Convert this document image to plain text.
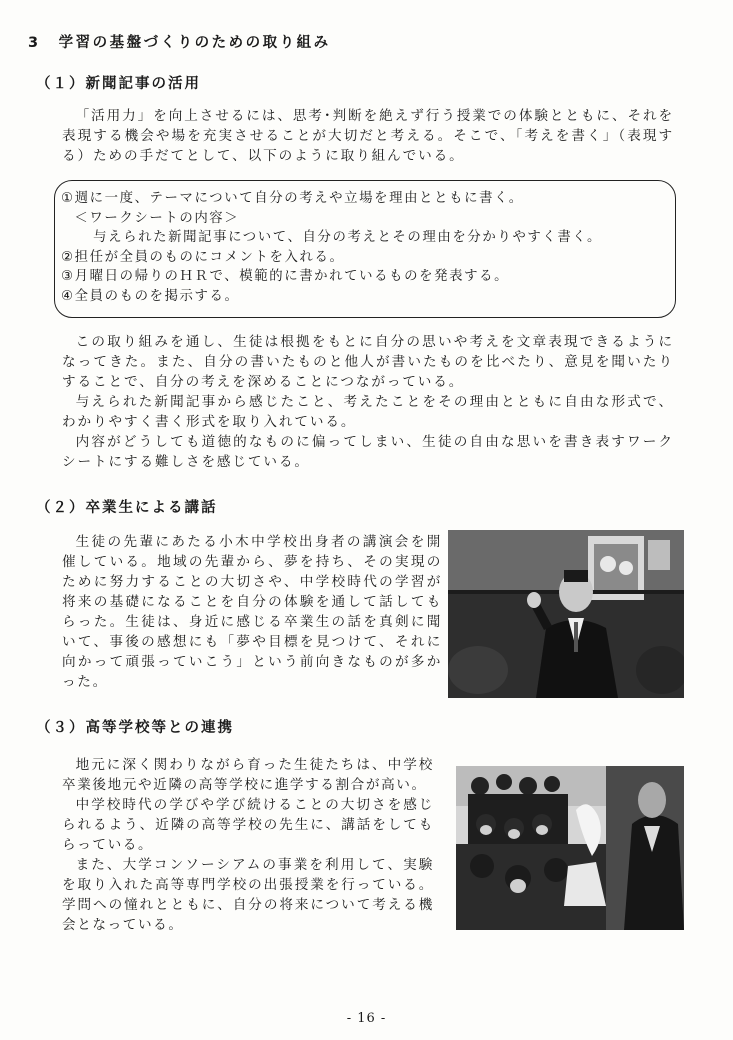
3 学習の基盤づくりのための取り組み
（１）新聞記事の活用

「活用力」を向上させるには、思考･判断を絶えず行う授業での体験とともに、それを表現する機会や場を充実させることが大切だと考える。そこで、「考えを書く」（表現する）ための手だてとして、以下のように取り組んでいる。

①週に一度、テーマについて自分の考えや立場を理由とともに書く。
＜ワークシートの内容＞
与えられた新聞記事について、自分の考えとその理由を分かりやすく書く。
②担任が全員のものにコメントを入れる。
③月曜日の帰りのＨＲで、模範的に書かれているものを発表する。
④全員のものを掲示する。

この取り組みを通し、生徒は根拠をもとに自分の思いや考えを文章表現できるようになってきた。また、自分の書いたものと他人が書いたものを比べたり、意見を聞いたりすることで、自分の考えを深めることにつながっている。

与えられた新聞記事から感じたこと、考えたことをその理由とともに自由な形式で、わかりやすく書く形式を取り入れている。

内容がどうしても道徳的なものに偏ってしまい、生徒の自由な思いを書き表すワークシートにする難しさを感じている。

（２）卒業生による講話

生徒の先輩にあたる小木中学校出身者の講演会を開催している。地域の先輩から、夢を持ち、その実現のために努力することの大切さや、中学校時代の学習が将来の基礎になることを自分の体験を通して話してもらった。生徒は、身近に感じる卒業生の話を真剣に聞いて、事後の感想にも「夢や目標を見つけて、それに向かって頑張っていこう」という前向きなものが多かった。

（３）高等学校等との連携

地元に深く関わりながら育った生徒たちは、中学校卒業後地元や近隣の高等学校に進学する割合が高い。

中学校時代の学びや学び続けることの大切さを感じられるよう、近隣の高等学校の先生に、講話をしてもらっている。

また、大学コンソーシアムの事業を利用して、実験を取り入れた高等専門学校の出張授業を行っている。学問への憧れとともに、自分の将来について考える機会となっている。

- 16 -
